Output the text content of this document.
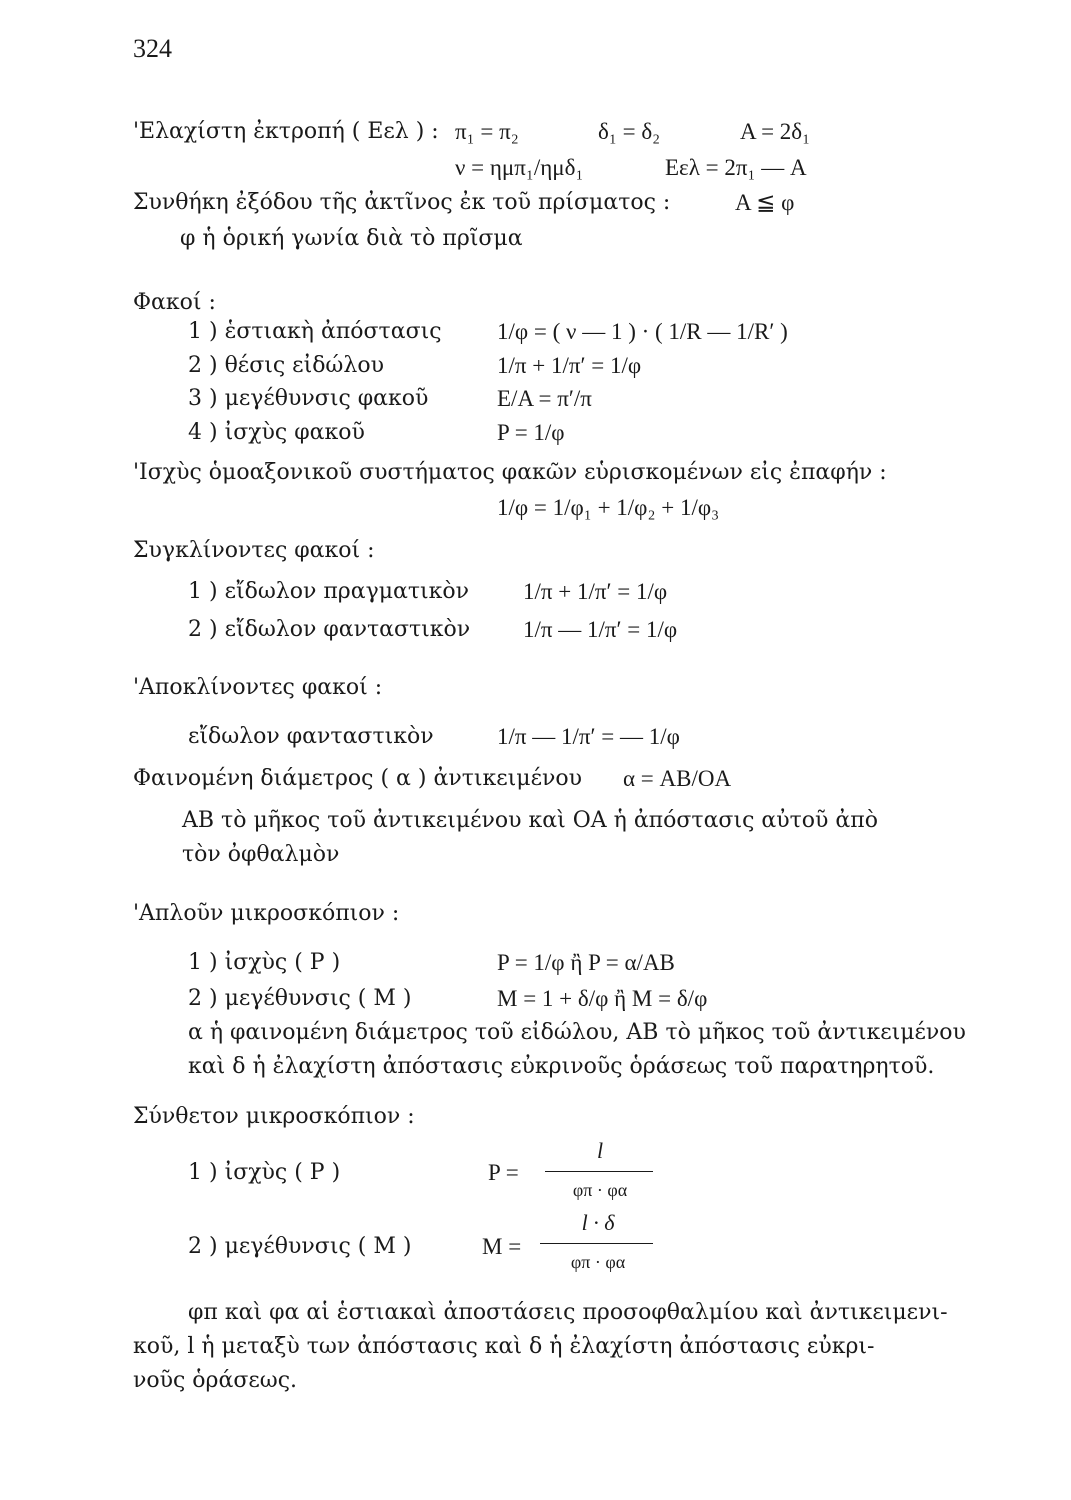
324
'Ελαχίστη ἐκτροπή ( Eελ ) : π₁ = π₂	δ₁ = δ₂	A = 2δ₁
ν = ημπ₁/ημδ₁	Eελ = 2π₁ — A
Συνθήκη ἐξόδου τῆς ἀκτῖνος ἐκ τοῦ πρίσματος :	A ≦ φ
φ ἡ ὁρική γωνία διὰ τὸ πρῖσμα
Φακοί :
1 ) ἑστιακὴ ἀπόστασις 1/φ = ( ν — 1 ) · ( 1/R — 1/R′ )
2 ) θέσις εἰδώλου	1/π + 1/π′ = 1/φ
3 ) μεγέθυνσις φακοῦ	E/A = π′/π
4 ) ἰσχὺς φακοῦ	P = 1/φ
'Ισχὺς ὁμοαξονικοῦ συστήματος φακῶν εὑρισκομένων εἰς ἐπαφήν :
1/φ = 1/φ₁ + 1/φ₂ + 1/φ₃
Συγκλίνοντες φακοί :
1 ) εἴδωλον πραγματικὸν 1/π + 1/π′ = 1/φ
2 ) εἴδωλον φανταστικὸν 1/π — 1/π′ = 1/φ
'Αποκλίνοντες φακοί :
εἴδωλον φανταστικὸν	1/π — 1/π′ = — 1/φ
Φαινομένη διάμετρος ( α ) ἀντικειμένου α = AB/OA
AB τὸ μῆκος τοῦ ἀντικειμένου καὶ OA ἡ ἀπόστασις αὐτοῦ ἀπὸ
τὸν ὀφθαλμὸν
'Απλοῦν μικροσκόπιον :
1 ) ἰσχὺς ( P )	P = 1/φ ἢ P = α/AB
2 ) μεγέθυνσις ( M )	M = 1 + δ/φ ἢ M = δ/φ
α ἡ φαινομένη διάμετρος τοῦ εἰδώλου, AB τὸ μῆκος τοῦ ἀντικειμένου
καὶ δ ἡ ἐλαχίστη ἀπόστασις εὐκρινοῦς ὁράσεως τοῦ παρατηρητοῦ.
Σύνθετον μικροσκόπιον :
1 ) ἰσχὺς ( P )	P =
l
φπ · φα
2 ) μεγέθυνσις ( M )	M =
l · δ
φπ · φα
φπ καὶ φα αἱ ἑστιακαὶ ἀποστάσεις προσοφθαλμίου καὶ ἀντικειμενι-
κοῦ, l ἡ μεταξὺ των ἀπόστασις καὶ δ ἡ ἐλαχίστη ἀπόστασις εὐκρι-
νοῦς ὁράσεως.
